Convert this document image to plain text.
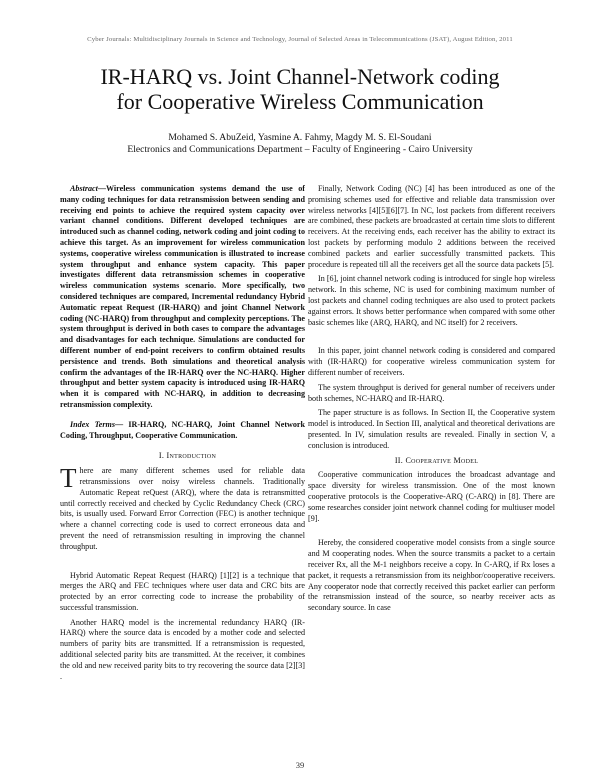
Cyber Journals: Multidisciplinary Journals in Science and Technology, Journal of Selected Areas in Telecommunications (JSAT), August Edition, 2011
IR-HARQ vs. Joint Channel-Network coding
for Cooperative Wireless Communication
Mohamed S. AbuZeid, Yasmine A. Fahmy, Magdy M. S. El-Soudani
Electronics and Communications Department – Faculty of Engineering - Cairo University

Abstract—Wireless communication systems demand the use of many coding techniques for data retransmission between sending and receiving end points to achieve the required system capacity over variant channel conditions. Different developed techniques are introduced such as channel coding, network coding and joint coding to achieve this target. As an improvement for wireless communication systems, cooperative wireless communication is illustrated to increase system throughput and enhance system capacity. This paper investigates different data retransmission schemes in cooperative wireless communication systems scenario. More specifically, two considered techniques are compared, Incremental redundancy Hybrid Automatic repeat Request (IR-HARQ) and joint Channel Network coding (NC-HARQ) from throughput and complexity perceptions. The system throughput is derived in both cases to compare the advantages and disadvantages for each technique. Simulations are conducted for different number of end-point receivers to confirm obtained results persistence and trends. Both simulations and theoretical analysis confirm the advantages of the IR-HARQ over the NC-HARQ. Higher throughput and better system capacity is introduced using IR-HARQ when it is compared with NC-HARQ, in addition to decreasing retransmission complexity.

Index Terms— IR-HARQ, NC-HARQ, Joint Channel Network Coding, Throughput, Cooperative Communication.

I. Introduction

There are many different schemes used for reliable data retransmissions over noisy wireless channels. Traditionally Automatic Repeat reQuest (ARQ), where the data is retransmitted until correctly received and checked by Cyclic Redundancy Check (CRC) bits, is usually used. Forward Error Correction (FEC) is another technique where a channel correcting code is used to correct erroneous data and prevent the need of retransmission resulting in improving the channel throughput.

Hybrid Automatic Repeat Request (HARQ) [1][2] is a technique that merges the ARQ and FEC techniques where user data and CRC bits are protected by an error correcting code to increase the probability of successful transmission.

Another HARQ model is the incremental redundancy HARQ (IR-HARQ) where the source data is encoded by a mother code and selected numbers of parity bits are transmitted. If a retransmission is requested, additional selected parity bits are transmitted. At the receiver, it combines the old and new received parity bits to try recovering the source data [2][3] .

Finally, Network Coding (NC) [4] has been introduced as one of the promising schemes used for effective and reliable data transmission over wireless networks [4][5][6][7]. In NC, lost packets from different receivers are combined, these packets are broadcasted at certain time slots to different receivers. At the receiving ends, each receiver has the ability to extract its lost packets by performing modulo 2 additions between the received combined packets and earlier successfully transmitted packets. This procedure is repeated till all the receivers get all the source data packets [5].

In [6], joint channel network coding is introduced for single hop wireless network. In this scheme, NC is used for combining maximum number of lost packets and channel coding techniques are also used to protect packets against errors. It shows better performance when compared with some other basic schemes like (ARQ, HARQ, and NC itself) for 2 receivers.

In this paper, joint channel network coding is considered and compared with (IR-HARQ) for cooperative wireless communication system for different number of receivers.

The system throughput is derived for general number of receivers under both schemes, NC-HARQ and IR-HARQ.

The paper structure is as follows. In Section II, the Cooperative system model is introduced. In Section III, analytical and theoretical derivations are presented. In IV, simulation results are revealed. Finally in section V, a conclusion is introduced.

II. Cooperative Model

Cooperative communication introduces the broadcast advantage and space diversity for wireless transmission. One of the most known cooperative protocols is the Cooperative-ARQ (C-ARQ) in [8]. There are some researches consider joint network channel coding for multiuser model [9].

Hereby, the considered cooperative model consists from a single source and M cooperating nodes. When the source transmits a packet to a certain receiver Rx, all the M-1 neighbors receive a copy. In C-ARQ, if Rx loses a packet, it requests a retransmission from its neighbor/cooperative receivers. Any cooperator node that correctly received this packet earlier can perform the retransmission instead of the source, so nearby receiver acts as secondary source. In case

39
